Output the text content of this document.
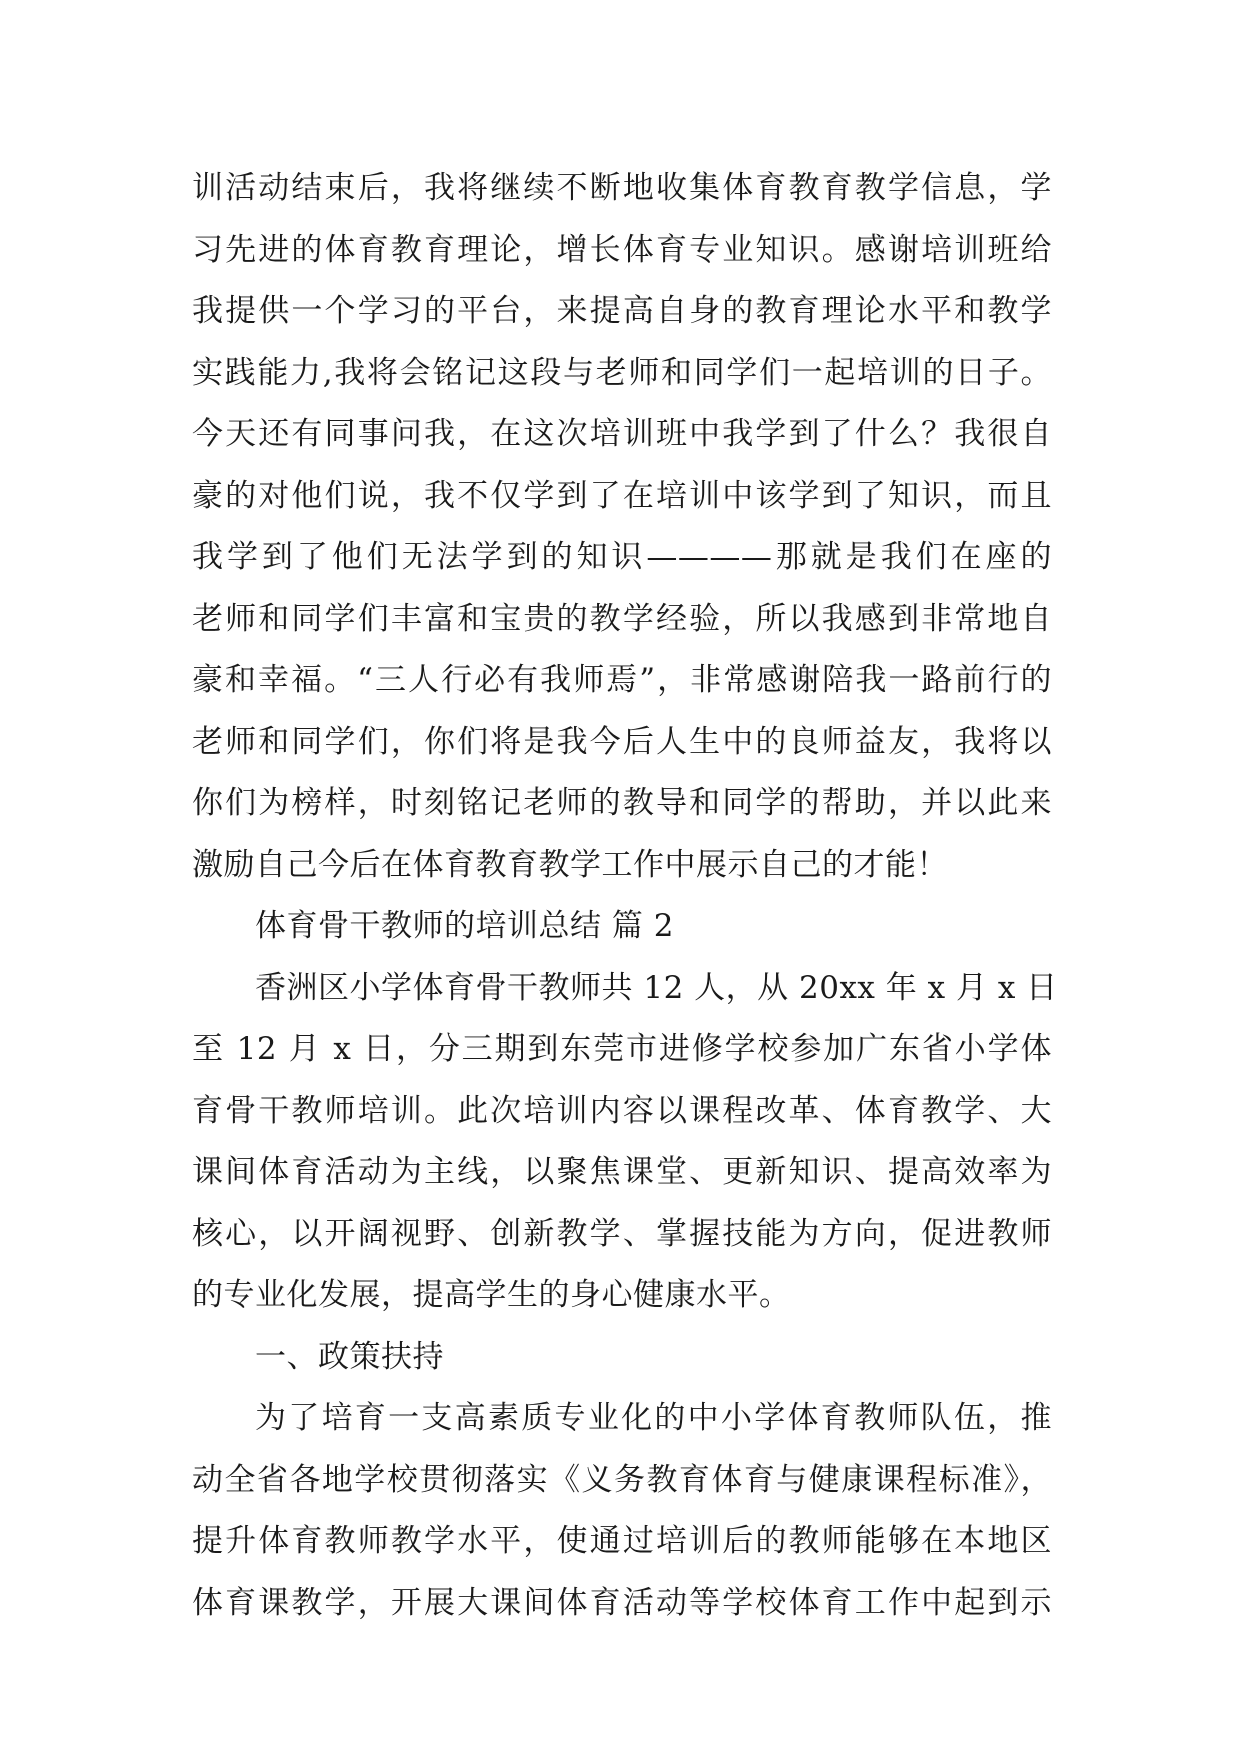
训活动结束后，我将继续不断地收集体育教育教学信息，学
习先进的体育教育理论，增长体育专业知识。感谢培训班给
我提供一个学习的平台，来提高自身的教育理论水平和教学
实践能力,我将会铭记这段与老师和同学们一起培训的日子。
今天还有同事问我，在这次培训班中我学到了什么？我很自
豪的对他们说，我不仅学到了在培训中该学到了知识，而且
我学到了他们无法学到的知识————那就是我们在座的
老师和同学们丰富和宝贵的教学经验，所以我感到非常地自
豪和幸福。“三人行必有我师焉”，非常感谢陪我一路前行的
老师和同学们，你们将是我今后人生中的良师益友，我将以
你们为榜样，时刻铭记老师的教导和同学的帮助，并以此来
激励自己今后在体育教育教学工作中展示自己的才能！
体育骨干教师的培训总结 篇 2
香洲区小学体育骨干教师共 12 人，从 20xx 年 x 月 x 日
至 12 月 x 日，分三期到东莞市进修学校参加广东省小学体
育骨干教师培训。此次培训内容以课程改革、体育教学、大
课间体育活动为主线，以聚焦课堂、更新知识、提高效率为
核心，以开阔视野、创新教学、掌握技能为方向，促进教师
的专业化发展，提高学生的身心健康水平。
一、政策扶持
为了培育一支高素质专业化的中小学体育教师队伍，推
动全省各地学校贯彻落实《义务教育体育与健康课程标准》，
提升体育教师教学水平，使通过培训后的教师能够在本地区
体育课教学，开展大课间体育活动等学校体育工作中起到示
